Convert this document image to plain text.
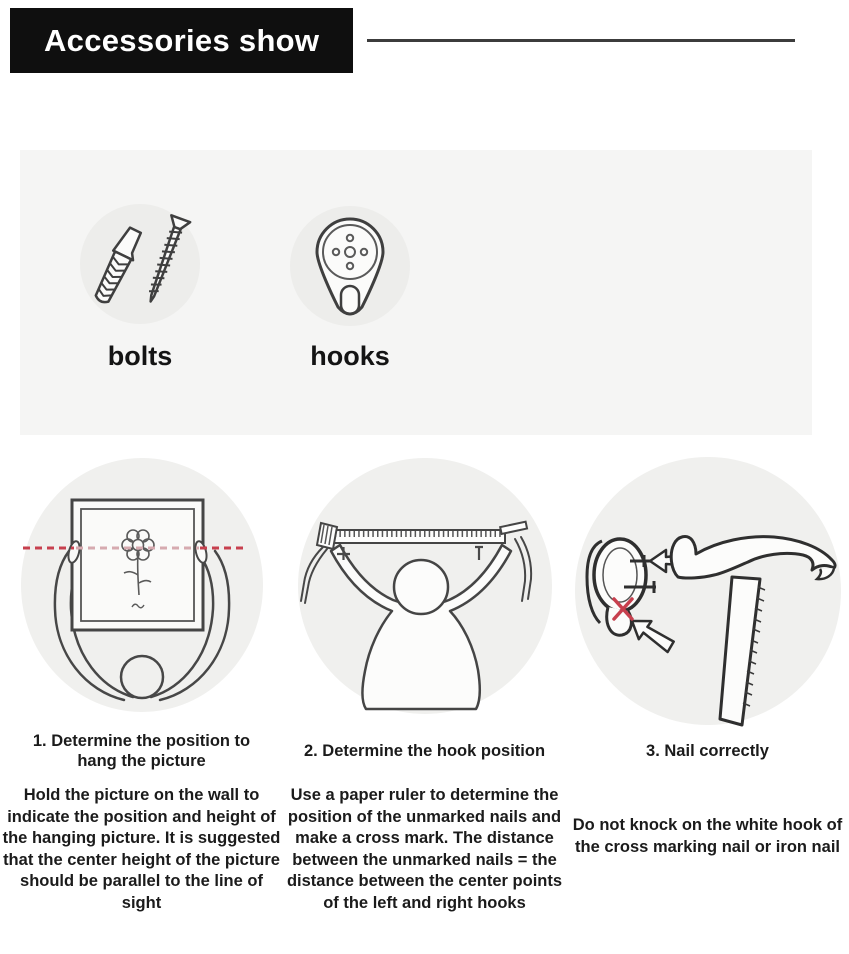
Accessories show
bolts	hooks
1. Determine the position to hang the picture

Hold the picture on the wall to indicate the position and height of the hanging picture. It is suggested that the center height of the picture should be parallel to the line of sight

2. Determine the hook position

Use a paper ruler to determine the position of the unmarked nails and make a cross mark. The distance between the unmarked nails = the distance between the center points of the left and right hooks

3. Nail correctly

Do not knock on the white hook of the cross marking nail or iron nail
